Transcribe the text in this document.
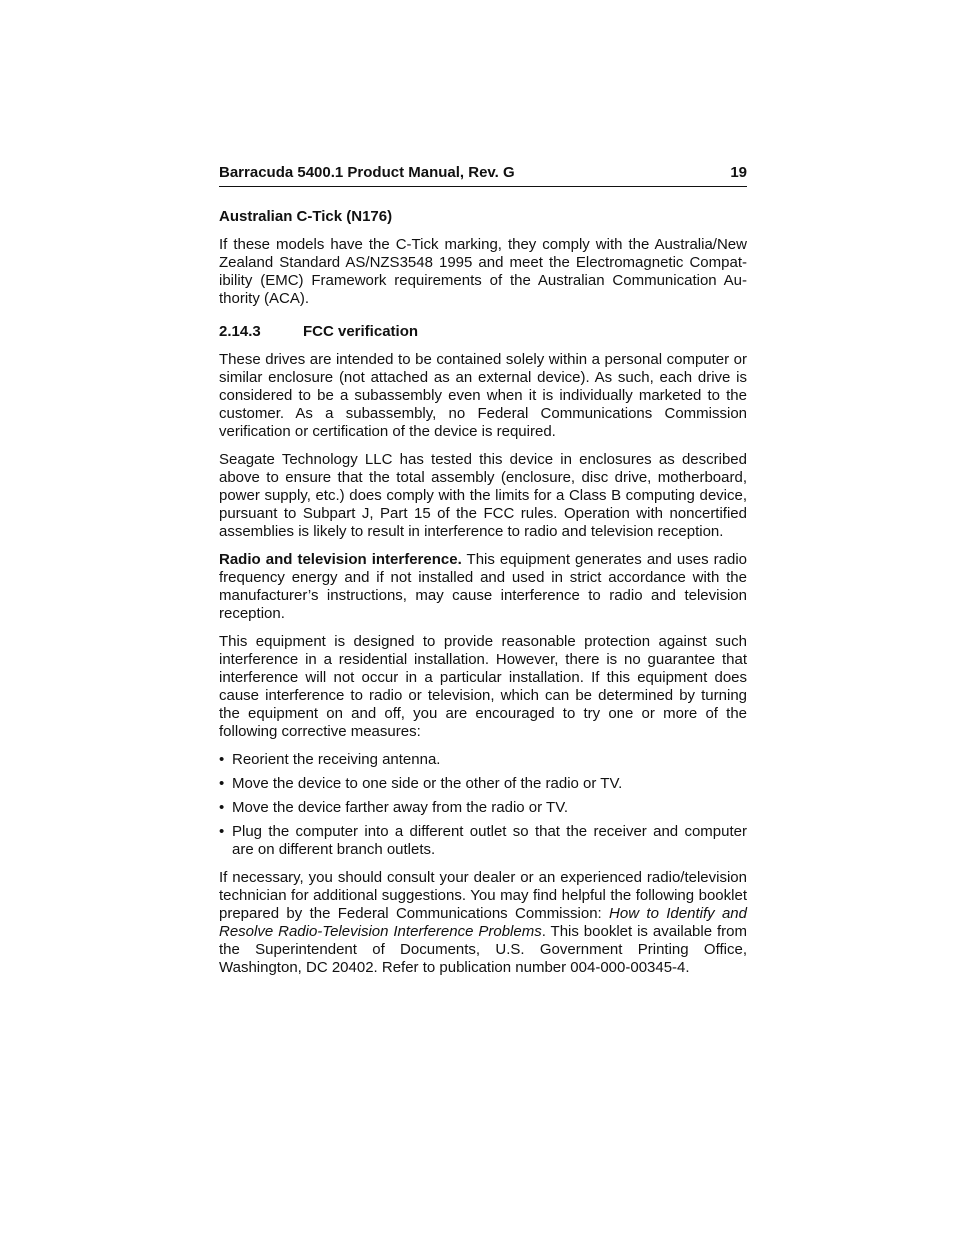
Barracuda 5400.1 Product Manual, Rev. G	19
Australian C-Tick (N176)

If these models have the C-Tick marking, they comply with the Australia/New Zealand Standard AS/NZS3548 1995 and meet the Electromagnetic Compatibility (EMC) Framework requirements of the Australian Communication Authority (ACA).

2.14.3	FCC verification

These drives are intended to be contained solely within a personal computer or similar enclosure (not attached as an external device). As such, each drive is considered to be a subassembly even when it is individually marketed to the customer. As a subassembly, no Federal Communications Commission verification or certification of the device is required.

Seagate Technology LLC has tested this device in enclosures as described above to ensure that the total assembly (enclosure, disc drive, motherboard, power supply, etc.) does comply with the limits for a Class B computing device, pursuant to Subpart J, Part 15 of the FCC rules. Operation with noncertified assemblies is likely to result in interference to radio and television reception.

Radio and television interference. This equipment generates and uses radio frequency energy and if not installed and used in strict accordance with the manufacturer’s instructions, may cause interference to radio and television reception.

This equipment is designed to provide reasonable protection against such interference in a residential installation. However, there is no guarantee that interference will not occur in a particular installation. If this equipment does cause interference to radio or television, which can be determined by turning the equipment on and off, you are encouraged to try one or more of the following corrective measures:

• Reorient the receiving antenna.
• Move the device to one side or the other of the radio or TV.
• Move the device farther away from the radio or TV.
• Plug the computer into a different outlet so that the receiver and computer are on different branch outlets.

If necessary, you should consult your dealer or an experienced radio/television technician for additional suggestions. You may find helpful the following booklet prepared by the Federal Communications Commission: How to Identify and Resolve Radio-Television Interference Problems. This booklet is available from the Superintendent of Documents, U.S. Government Printing Office, Washington, DC 20402. Refer to publication number 004-000-00345-4.
